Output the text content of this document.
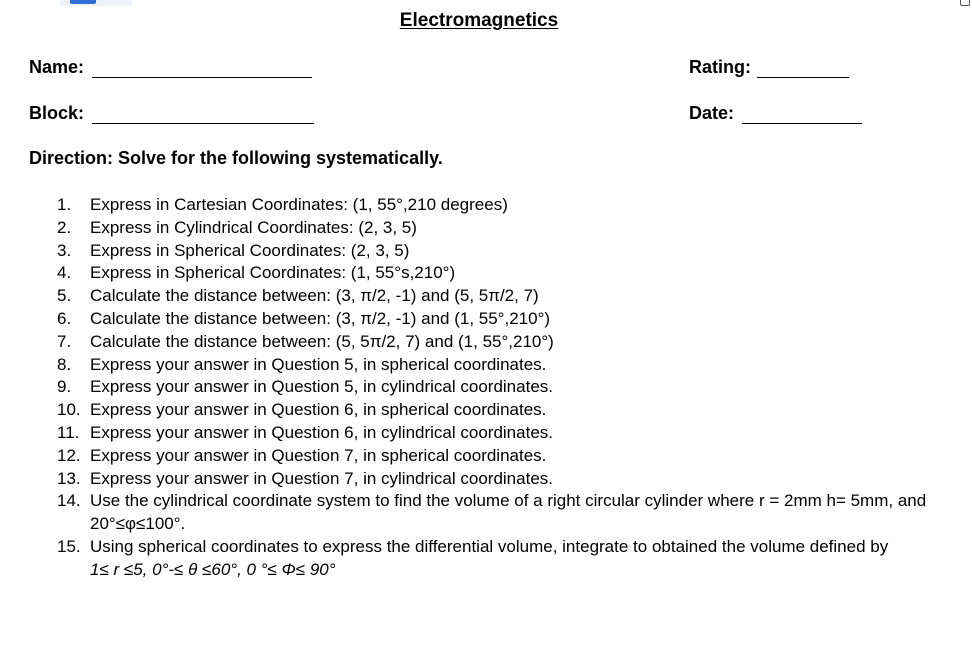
Electromagnetics
Name:
Block:
Rating:
Date:
Direction: Solve for the following systematically.
1.	Express in Cartesian Coordinates: (1, 55°,210 degrees)
2.	Express in Cylindrical Coordinates: (2, 3, 5)
3.	Express in Spherical Coordinates: (2, 3, 5)
4.	Express in Spherical Coordinates: (1, 55°s,210°)
5.	Calculate the distance between: (3, π/2, -1) and (5, 5π/2, 7)
6.	Calculate the distance between: (3, π/2, -1) and (1, 55°,210°)
7.	Calculate the distance between: (5, 5π/2, 7) and (1, 55°,210°)
8.	Express your answer in Question 5, in spherical coordinates.
9.	Express your answer in Question 5, in cylindrical coordinates.
10. Express your answer in Question 6, in spherical coordinates.
11. Express your answer in Question 6, in cylindrical coordinates.
12. Express your answer in Question 7, in spherical coordinates.
13. Express your answer in Question 7, in cylindrical coordinates.
14. Use the cylindrical coordinate system to find the volume of a right circular cylinder where r = 2mm h= 5mm, and 20°≤φ≤100°.
15. Using spherical coordinates to express the differential volume, integrate to obtained the volume defined by
1≤ r ≤5, 0°-≤ θ ≤60°, 0 °≤ Φ≤ 90°
